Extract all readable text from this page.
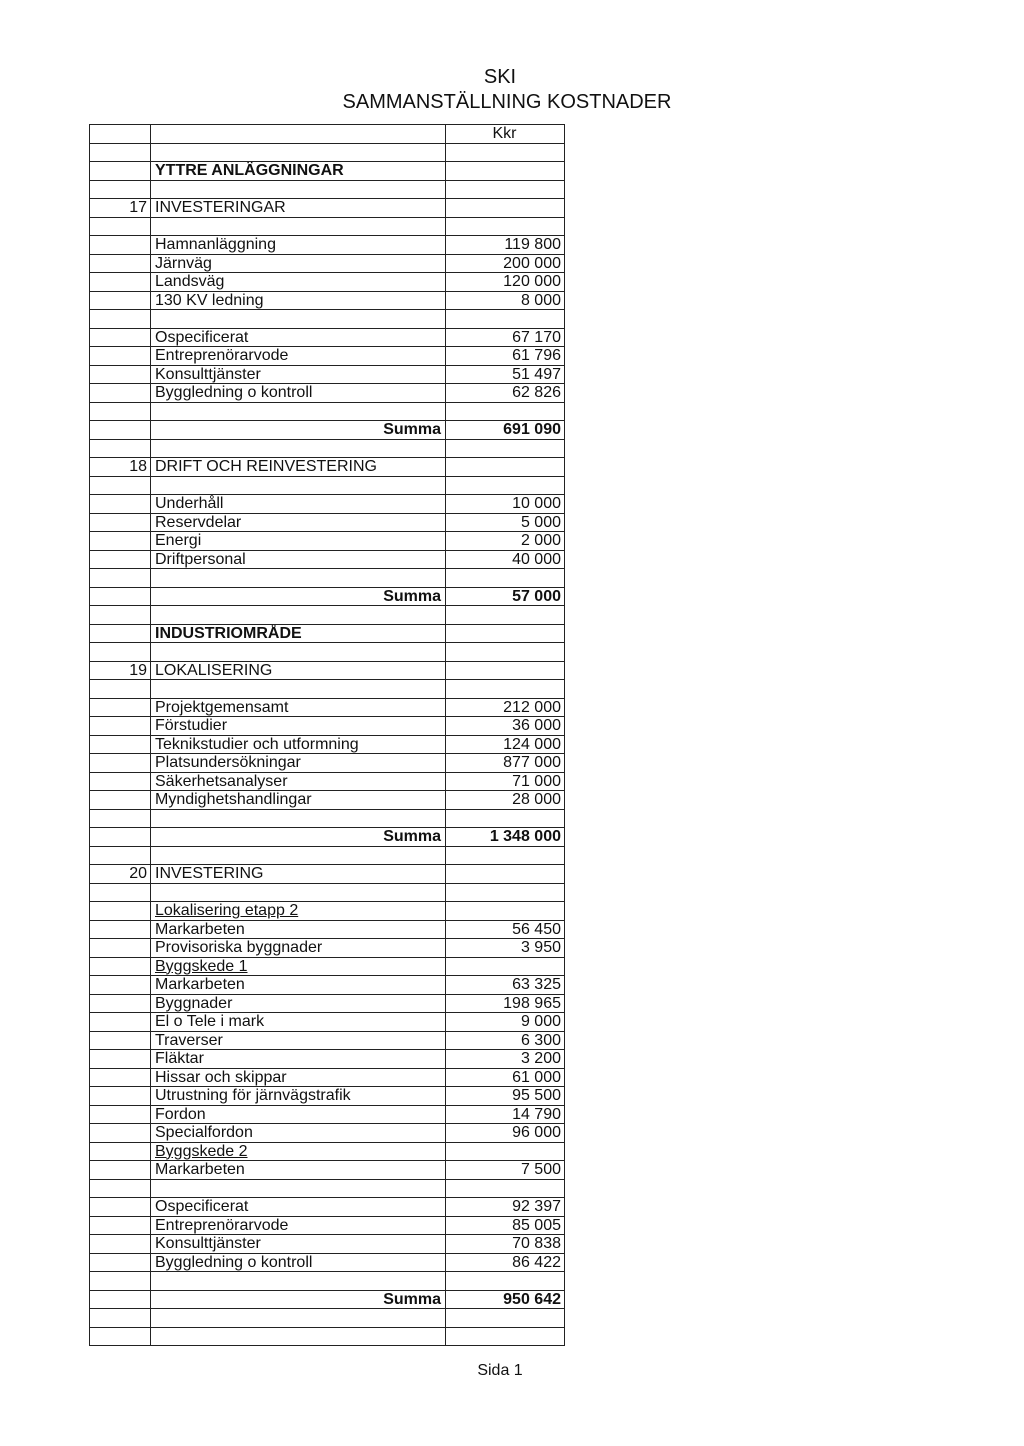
SKI
SAMMANSTÄLLNING KOSTNADER
		Kkr

	YTTRE ANLÄGGNINGAR	

17	INVESTERINGAR	

	Hamnanläggning	119 800
	Järnväg	200 000
	Landsväg	120 000
	130 KV ledning	8 000

	Ospecificerat	67 170
	Entreprenörarvode	61 796
	Konsulttjänster	51 497
	Byggledning o kontroll	62 826

	Summa	691 090

18	DRIFT OCH REINVESTERING	

	Underhåll	10 000
	Reservdelar	5 000
	Energi	2 000
	Driftpersonal	40 000

	Summa	57 000

	INDUSTRIOMRÅDE	

19	LOKALISERING	

	Projektgemensamt	212 000
	Förstudier	36 000
	Teknikstudier och utformning	124 000
	Platsundersökningar	877 000
	Säkerhetsanalyser	71 000
	Myndighetshandlingar	28 000

	Summa	1 348 000

20	INVESTERING	

	Lokalisering etapp 2	
	Markarbeten	56 450
	Provisoriska byggnader	3 950
	Byggskede 1	
	Markarbeten	63 325
	Byggnader	198 965
	El o Tele i mark	9 000
	Traverser	6 300
	Fläktar	3 200
	Hissar och skippar	61 000
	Utrustning för järnvägstrafik	95 500
	Fordon	14 790
	Specialfordon	96 000
	Byggskede 2	
	Markarbeten	7 500

	Ospecificerat	92 397
	Entreprenörarvode	85 005
	Konsulttjänster	70 838
	Byggledning o kontroll	86 422

	Summa	950 642

Sida 1
